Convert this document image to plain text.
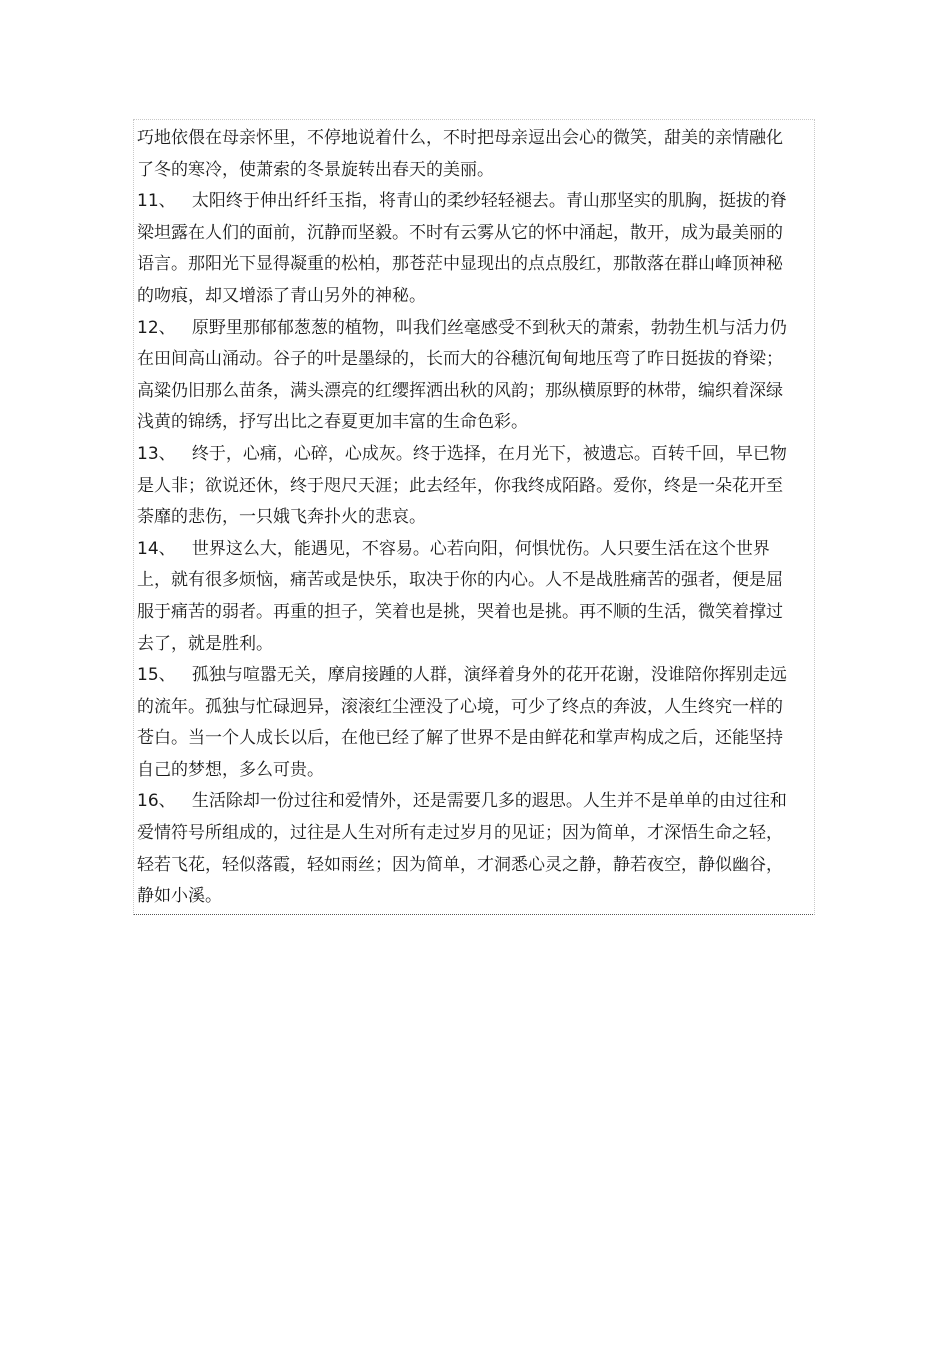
巧地依偎在母亲怀里，不停地说着什么，不时把母亲逗出会心的微笑，甜美的亲情融化了冬的寒冷，使萧索的冬景旋转出春天的美丽。

11、 太阳终于伸出纤纤玉指，将青山的柔纱轻轻褪去。青山那坚实的肌胸，挺拔的脊梁坦露在人们的面前，沉静而坚毅。不时有云雾从它的怀中涌起，散开，成为最美丽的语言。那阳光下显得凝重的松柏，那苍茫中显现出的点点殷红，那散落在群山峰顶神秘的吻痕，却又增添了青山另外的神秘。

12、 原野里那郁郁葱葱的植物，叫我们丝毫感受不到秋天的萧索，勃勃生机与活力仍在田间高山涌动。谷子的叶是墨绿的，长而大的谷穗沉甸甸地压弯了昨日挺拔的脊梁；高粱仍旧那么苗条，满头漂亮的红缨挥洒出秋的风韵；那纵横原野的林带，编织着深绿浅黄的锦绣，抒写出比之春夏更加丰富的生命色彩。

13、 终于，心痛，心碎，心成灰。终于选择，在月光下，被遗忘。百转千回，早已物是人非；欲说还休，终于咫尺天涯；此去经年，你我终成陌路。爱你，终是一朵花开至荼靡的悲伤，一只娥飞奔扑火的悲哀。

14、 世界这么大，能遇见，不容易。心若向阳，何惧忧伤。人只要生活在这个世界上，就有很多烦恼，痛苦或是快乐，取决于你的内心。人不是战胜痛苦的强者，便是屈服于痛苦的弱者。再重的担子，笑着也是挑，哭着也是挑。再不顺的生活，微笑着撑过去了，就是胜利。

15、 孤独与喧嚣无关，摩肩接踵的人群，演绎着身外的花开花谢，没谁陪你挥别走远的流年。孤独与忙碌迥异，滚滚红尘湮没了心境，可少了终点的奔波，人生终究一样的苍白。当一个人成长以后，在他已经了解了世界不是由鲜花和掌声构成之后，还能坚持自己的梦想，多么可贵。

16、 生活除却一份过往和爱情外，还是需要几多的遐思。人生并不是单单的由过往和爱情符号所组成的，过往是人生对所有走过岁月的见证；因为简单，才深悟生命之轻，轻若飞花，轻似落霞，轻如雨丝；因为简单，才洞悉心灵之静，静若夜空，静似幽谷，静如小溪。
